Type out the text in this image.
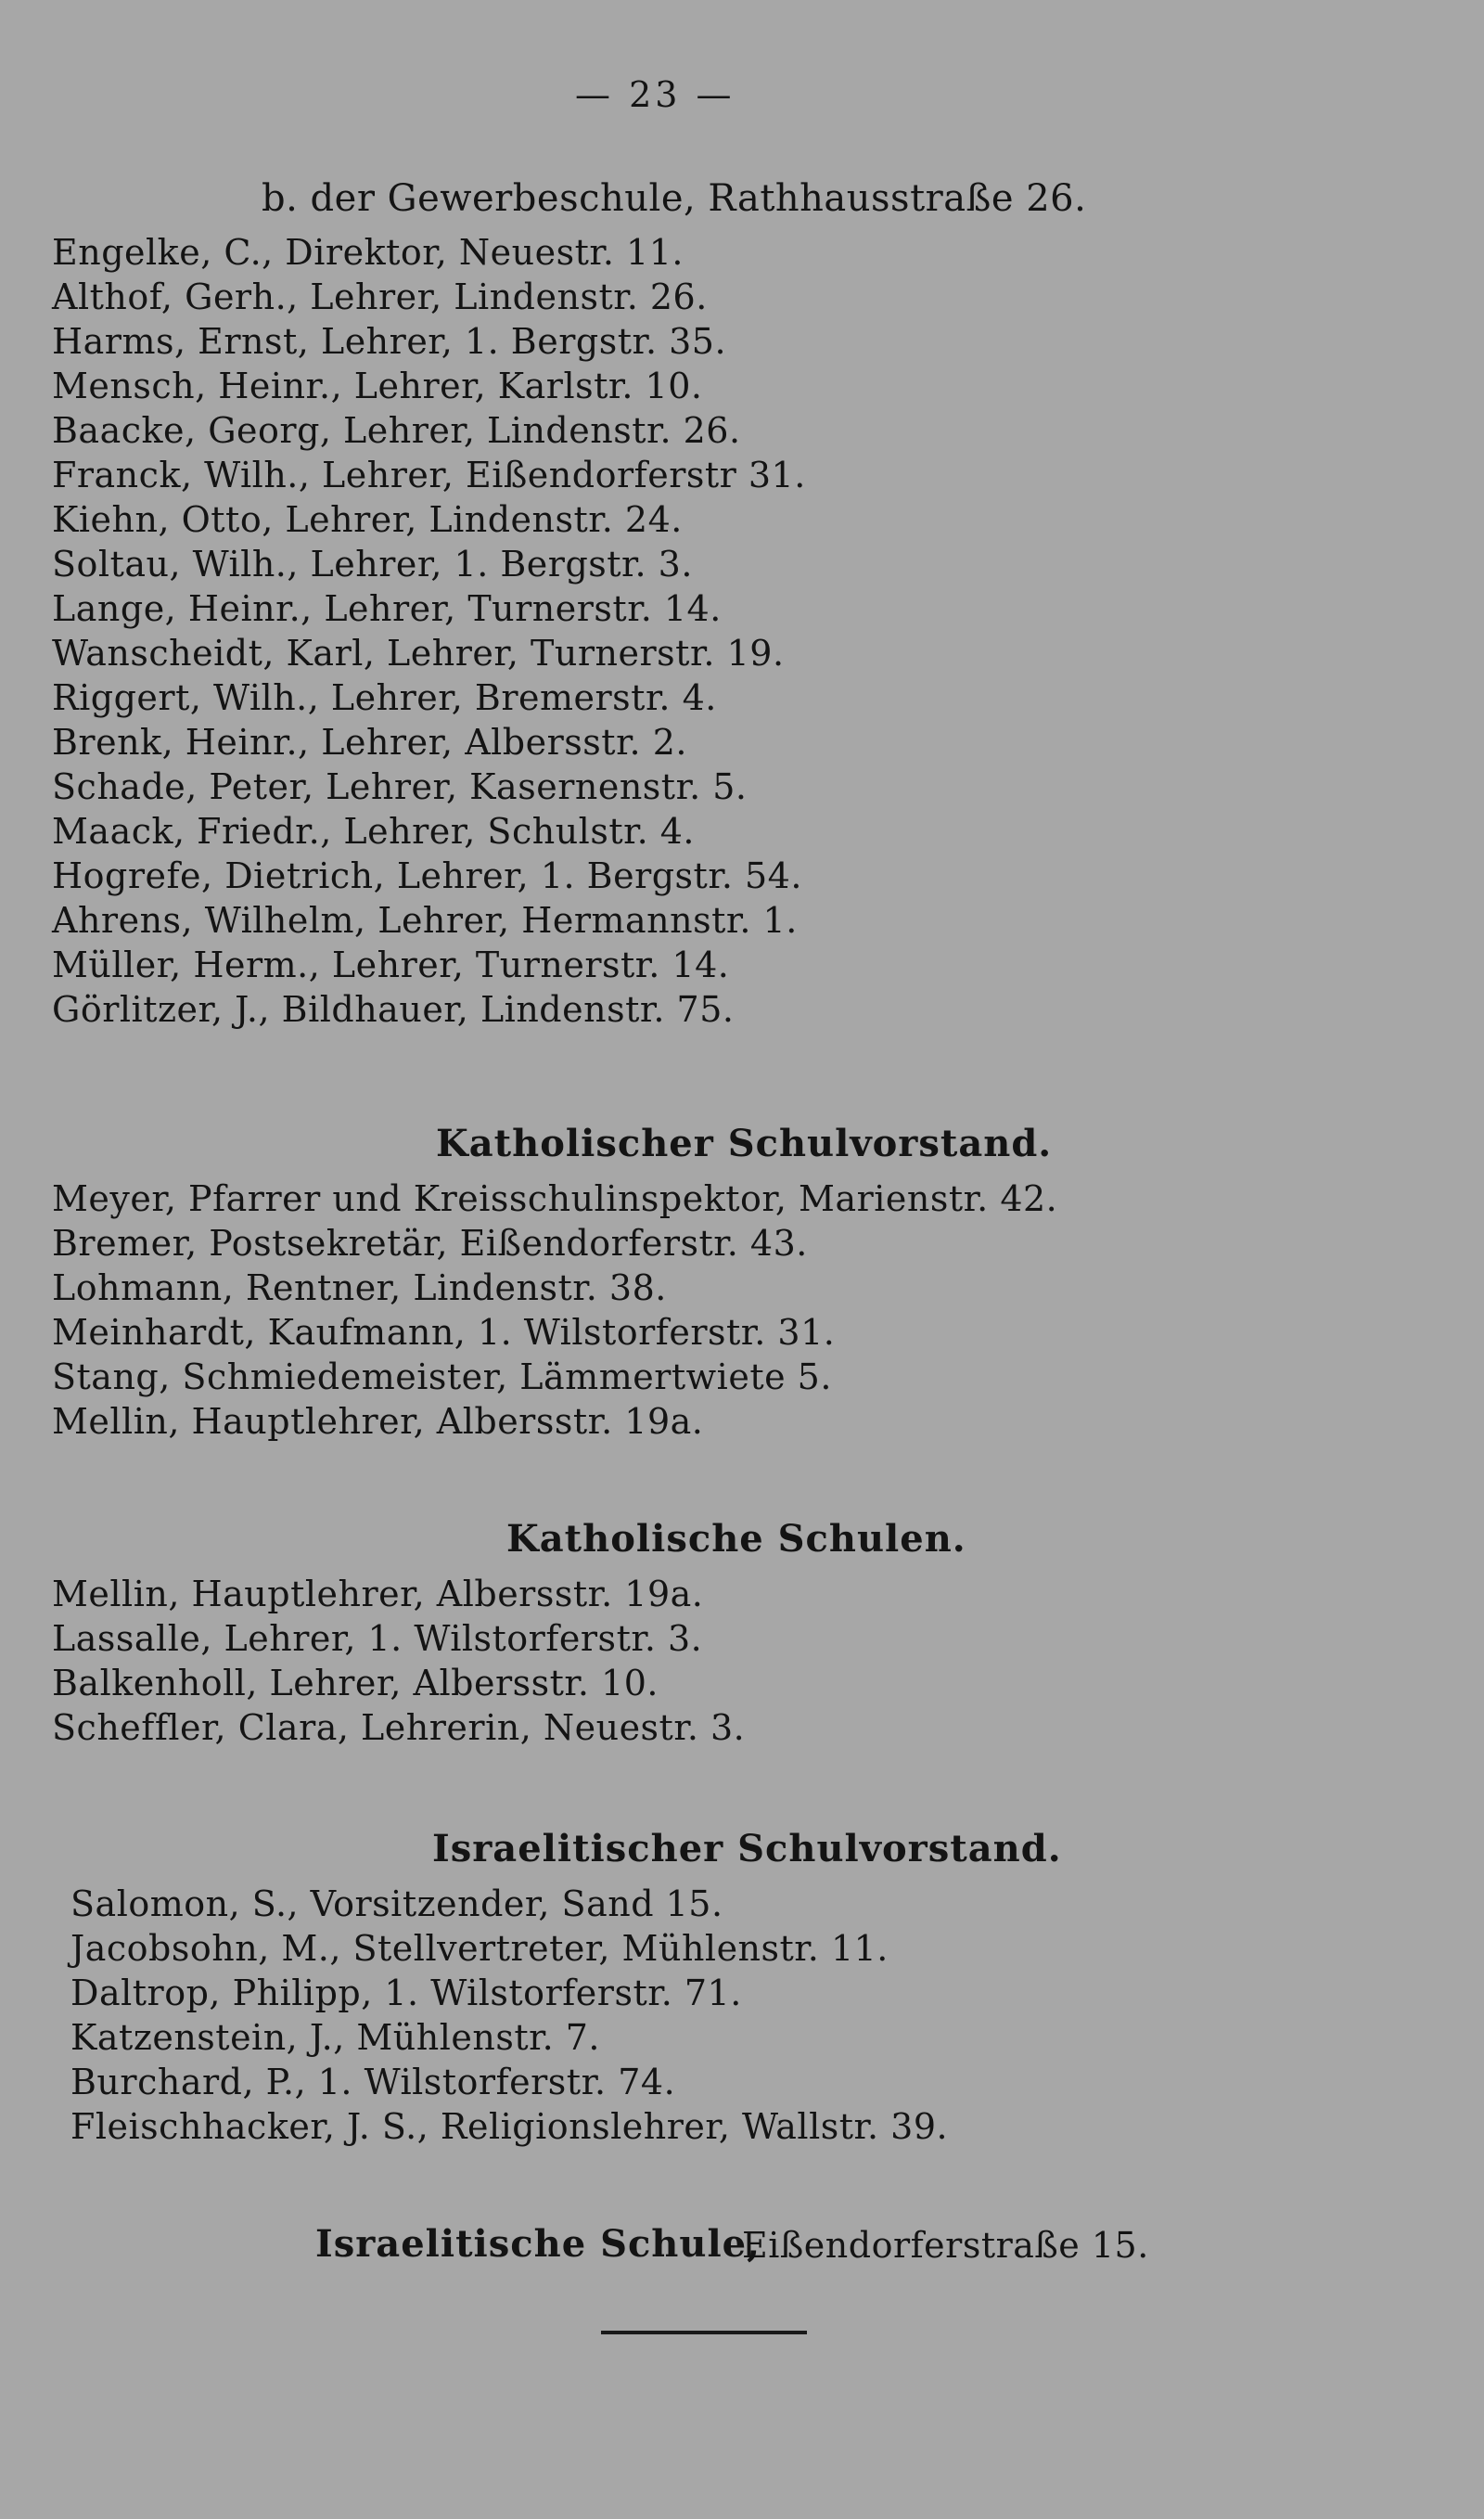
— 23 —
b. der Gewerbeschule, Rathhausstraße 26.
Engelke, C., Direktor, Neuestr. 11.
Althof, Gerh., Lehrer, Lindenstr. 26.
Harms, Ernst, Lehrer, 1. Bergstr. 35.
Mensch, Heinr., Lehrer, Karlstr. 10.
Baacke, Georg, Lehrer, Lindenstr. 26.
Franck, Wilh., Lehrer, Eißendorferstr 31.
Kiehn, Otto, Lehrer, Lindenstr. 24.
Soltau, Wilh., Lehrer, 1. Bergstr. 3.
Lange, Heinr., Lehrer, Turnerstr. 14.
Wanscheidt, Karl, Lehrer, Turnerstr. 19.
Riggert, Wilh., Lehrer, Bremerstr. 4.
Brenk, Heinr., Lehrer, Albersstr. 2.
Schade, Peter, Lehrer, Kasernenstr. 5.
Maack, Friedr., Lehrer, Schulstr. 4.
Hogrefe, Dietrich, Lehrer, 1. Bergstr. 54.
Ahrens, Wilhelm, Lehrer, Hermannstr. 1.
Müller, Herm., Lehrer, Turnerstr. 14.
Görlitzer, J., Bildhauer, Lindenstr. 75.
Katholischer Schulvorstand.
Meyer, Pfarrer und Kreisschulinspektor, Marienstr. 42.
Bremer, Postsekretär, Eißendorferstr. 43.
Lohmann, Rentner, Lindenstr. 38.
Meinhardt, Kaufmann, 1. Wilstorferstr. 31.
Stang, Schmiedemeister, Lämmertwiete 5.
Mellin, Hauptlehrer, Albersstr. 19a.
Katholische Schulen.
Mellin, Hauptlehrer, Albersstr. 19a.
Lassalle, Lehrer, 1. Wilstorferstr. 3.
Balkenholl, Lehrer, Albersstr. 10.
Scheffler, Clara, Lehrerin, Neuestr. 3.
Israelitischer Schulvorstand.
Salomon, S., Vorsitzender, Sand 15.
Jacobsohn, M., Stellvertreter, Mühlenstr. 11.
Daltrop, Philipp, 1. Wilstorferstr. 71.
Katzenstein, J., Mühlenstr. 7.
Burchard, P., 1. Wilstorferstr. 74.
Fleischhacker, J. S., Religionslehrer, Wallstr. 39.
Israelitische Schule,
Eißendorferstraße 15.
